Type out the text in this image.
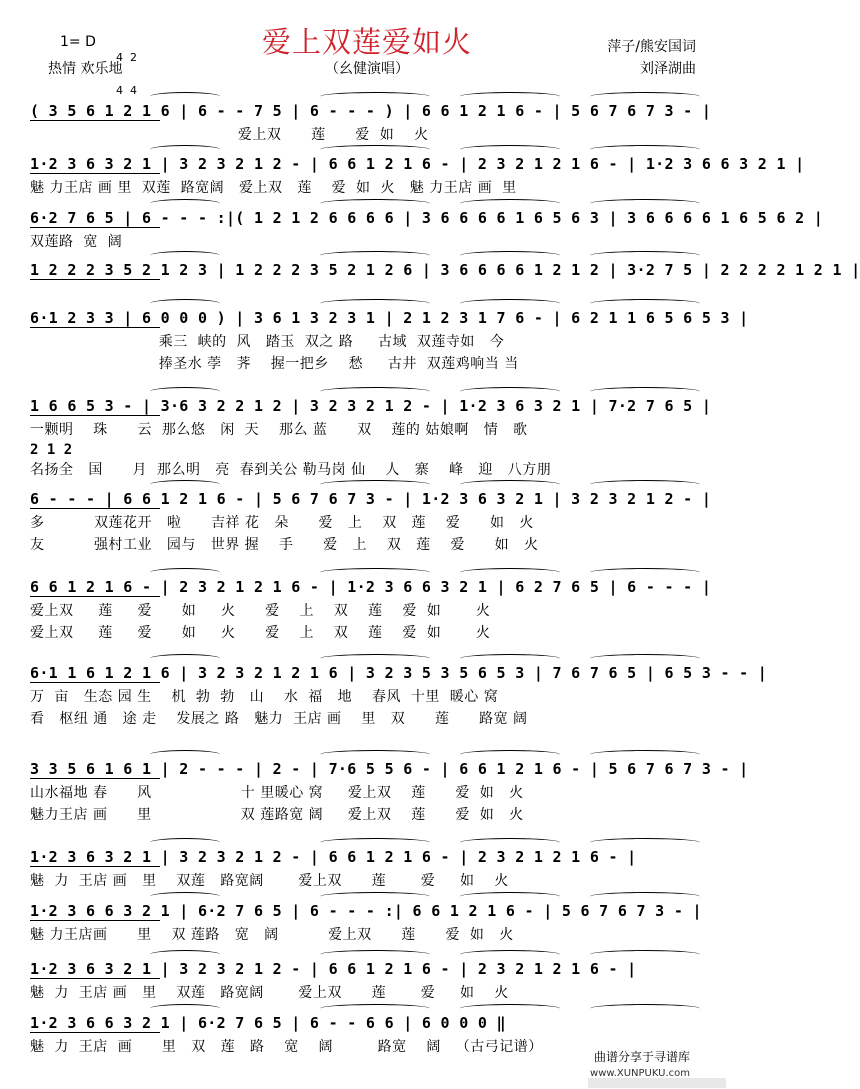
爱上双莲爱如火
1= D

4

4

2

4

热情 欢乐地	（幺健演唱）
萍子/熊安国词
刘泽湖曲
( 3 5 6 1 2 1 6 | 6 - - 7 5 | 6 - - - ) | 6 6 1 2 1 6 - | 5 6 7 6 7 3 - |
爱上双      莲      爱  如    火
1·2 3 6 3 2 1 | 3 2 3 2 1 2 - | 6 6 1 2 1 6 - | 2 3 2 1 2 1 6 - | 1·2 3 6 6 3 2 1 |
魅 力王店 画 里  双莲  路宽阔   爱上双   莲    爱  如  火   魅 力王店 画  里
6·2 7 6 5 | 6 - - - :|( 1 2 1 2 6 6 6 6 | 3 6 6 6 6 1 6 5 6 3 | 3 6 6 6 6 1 6 5 6 2 |
双莲路  宽  阔
1 2 2 2 3 5 2 1 2 3 | 1 2 2 2 3 5 2 1 2 6 | 3 6 6 6 6 1 2 1 2 | 3·2 7 5 | 2 2 2 2 1 2 1 |
6·1 2 3 3 | 6 0 0 0 ) | 3 6 1 3 2 3 1 | 2 1 2 3 1 7 6 - | 6 2 1 1 6 5 6 5 3 |
乘三  峡的  风   踏玉  双之 路     古域  双莲寺如   今
捧圣水 荸   荠    握一把乡    愁     古井  双莲鸡响当 当
1 6 6 5 3 - | 3·6 3 2 2 1 2 | 3 2 3 2 1 2 - | 1·2 3 6 3 2 1 | 7·2 7 6 5 |
一颗明    珠      云  那么悠   闲  天    那么 蓝      双    莲的 姑娘啊   情   歌
名扬全   国      月  那么明   亮  春到关公 勒马岗 仙    人   寨    峰   迎   八方朋
6 - - - | 6 6 1 2 1 6 - | 5 6 7 6 7 3 - | 1·2 3 6 3 2 1 | 3 2 3 2 1 2 - |
多          双莲花开   啦      吉祥 花   朵      爱   上    双   莲    爱      如   火
友          强村工业   园与   世界 握    手      爱   上    双   莲    爱      如   火
6 6 1 2 1 6 - | 2 3 2 1 2 1 6 - | 1·2 3 6 6 3 2 1 | 6 2 7 6 5 | 6 - - - |
爱上双     莲     爱      如     火      爱    上    双    莲    爱  如       火
爱上双     莲     爱      如     火      爱    上    双    莲    爱  如       火
6·1 1 6 1 2 1 6 | 3 2 3 2 1 2 1 6 | 3 2 3 5 3 5 6 5 3 | 7 6 7 6 5 | 6 5 3 - - |
万  亩   生态 园 生    机  勃  勃   山    水  福   地    春风  十里  暖心 窝
看   枢纽 通   途 走    发展之 路   魅力  王店 画    里   双      莲      路宽 阔
3 3 5 6 1 6 1 | 2 - - - | 2 - | 7·6 5 5 6 - | 6 6 1 2 1 6 - | 5 6 7 6 7 3 - |
山水福地 春      风                  十 里暖心 窝     爱上双    莲      爱  如   火
魅力王店 画      里                  双 莲路宽 阔     爱上双    莲      爱  如   火
1·2 3 6 3 2 1 | 3 2 3 2 1 2 - | 6 6 1 2 1 6 - | 2 3 2 1 2 1 6 - |
魅  力  王店 画   里    双莲   路宽阔       爱上双      莲       爱     如    火
1·2 3 6 6 3 2 1 | 6·2 7 6 5 | 6 - - - :| 6 6 1 2 1 6 - | 5 6 7 6 7 3 - |
魅 力王店画      里    双 莲路   宽   阔          爱上双      莲      爱  如   火
1·2 3 6 3 2 1 | 3 2 3 2 1 2 - | 6 6 1 2 1 6 - | 2 3 2 1 2 1 6 - |
魅  力  王店 画   里    双莲   路宽阔       爱上双      莲       爱     如    火
1·2 3 6 6 3 2 1 | 6·2 7 6 5 | 6 - - 6 6 | 6 0 0 0 ‖
魅  力  王店  画      里   双   莲   路    宽    阔         路宽    阔   （古弓记谱）
2 1 2
曲谱分享于寻谱库
www.XUNPUKU.com
